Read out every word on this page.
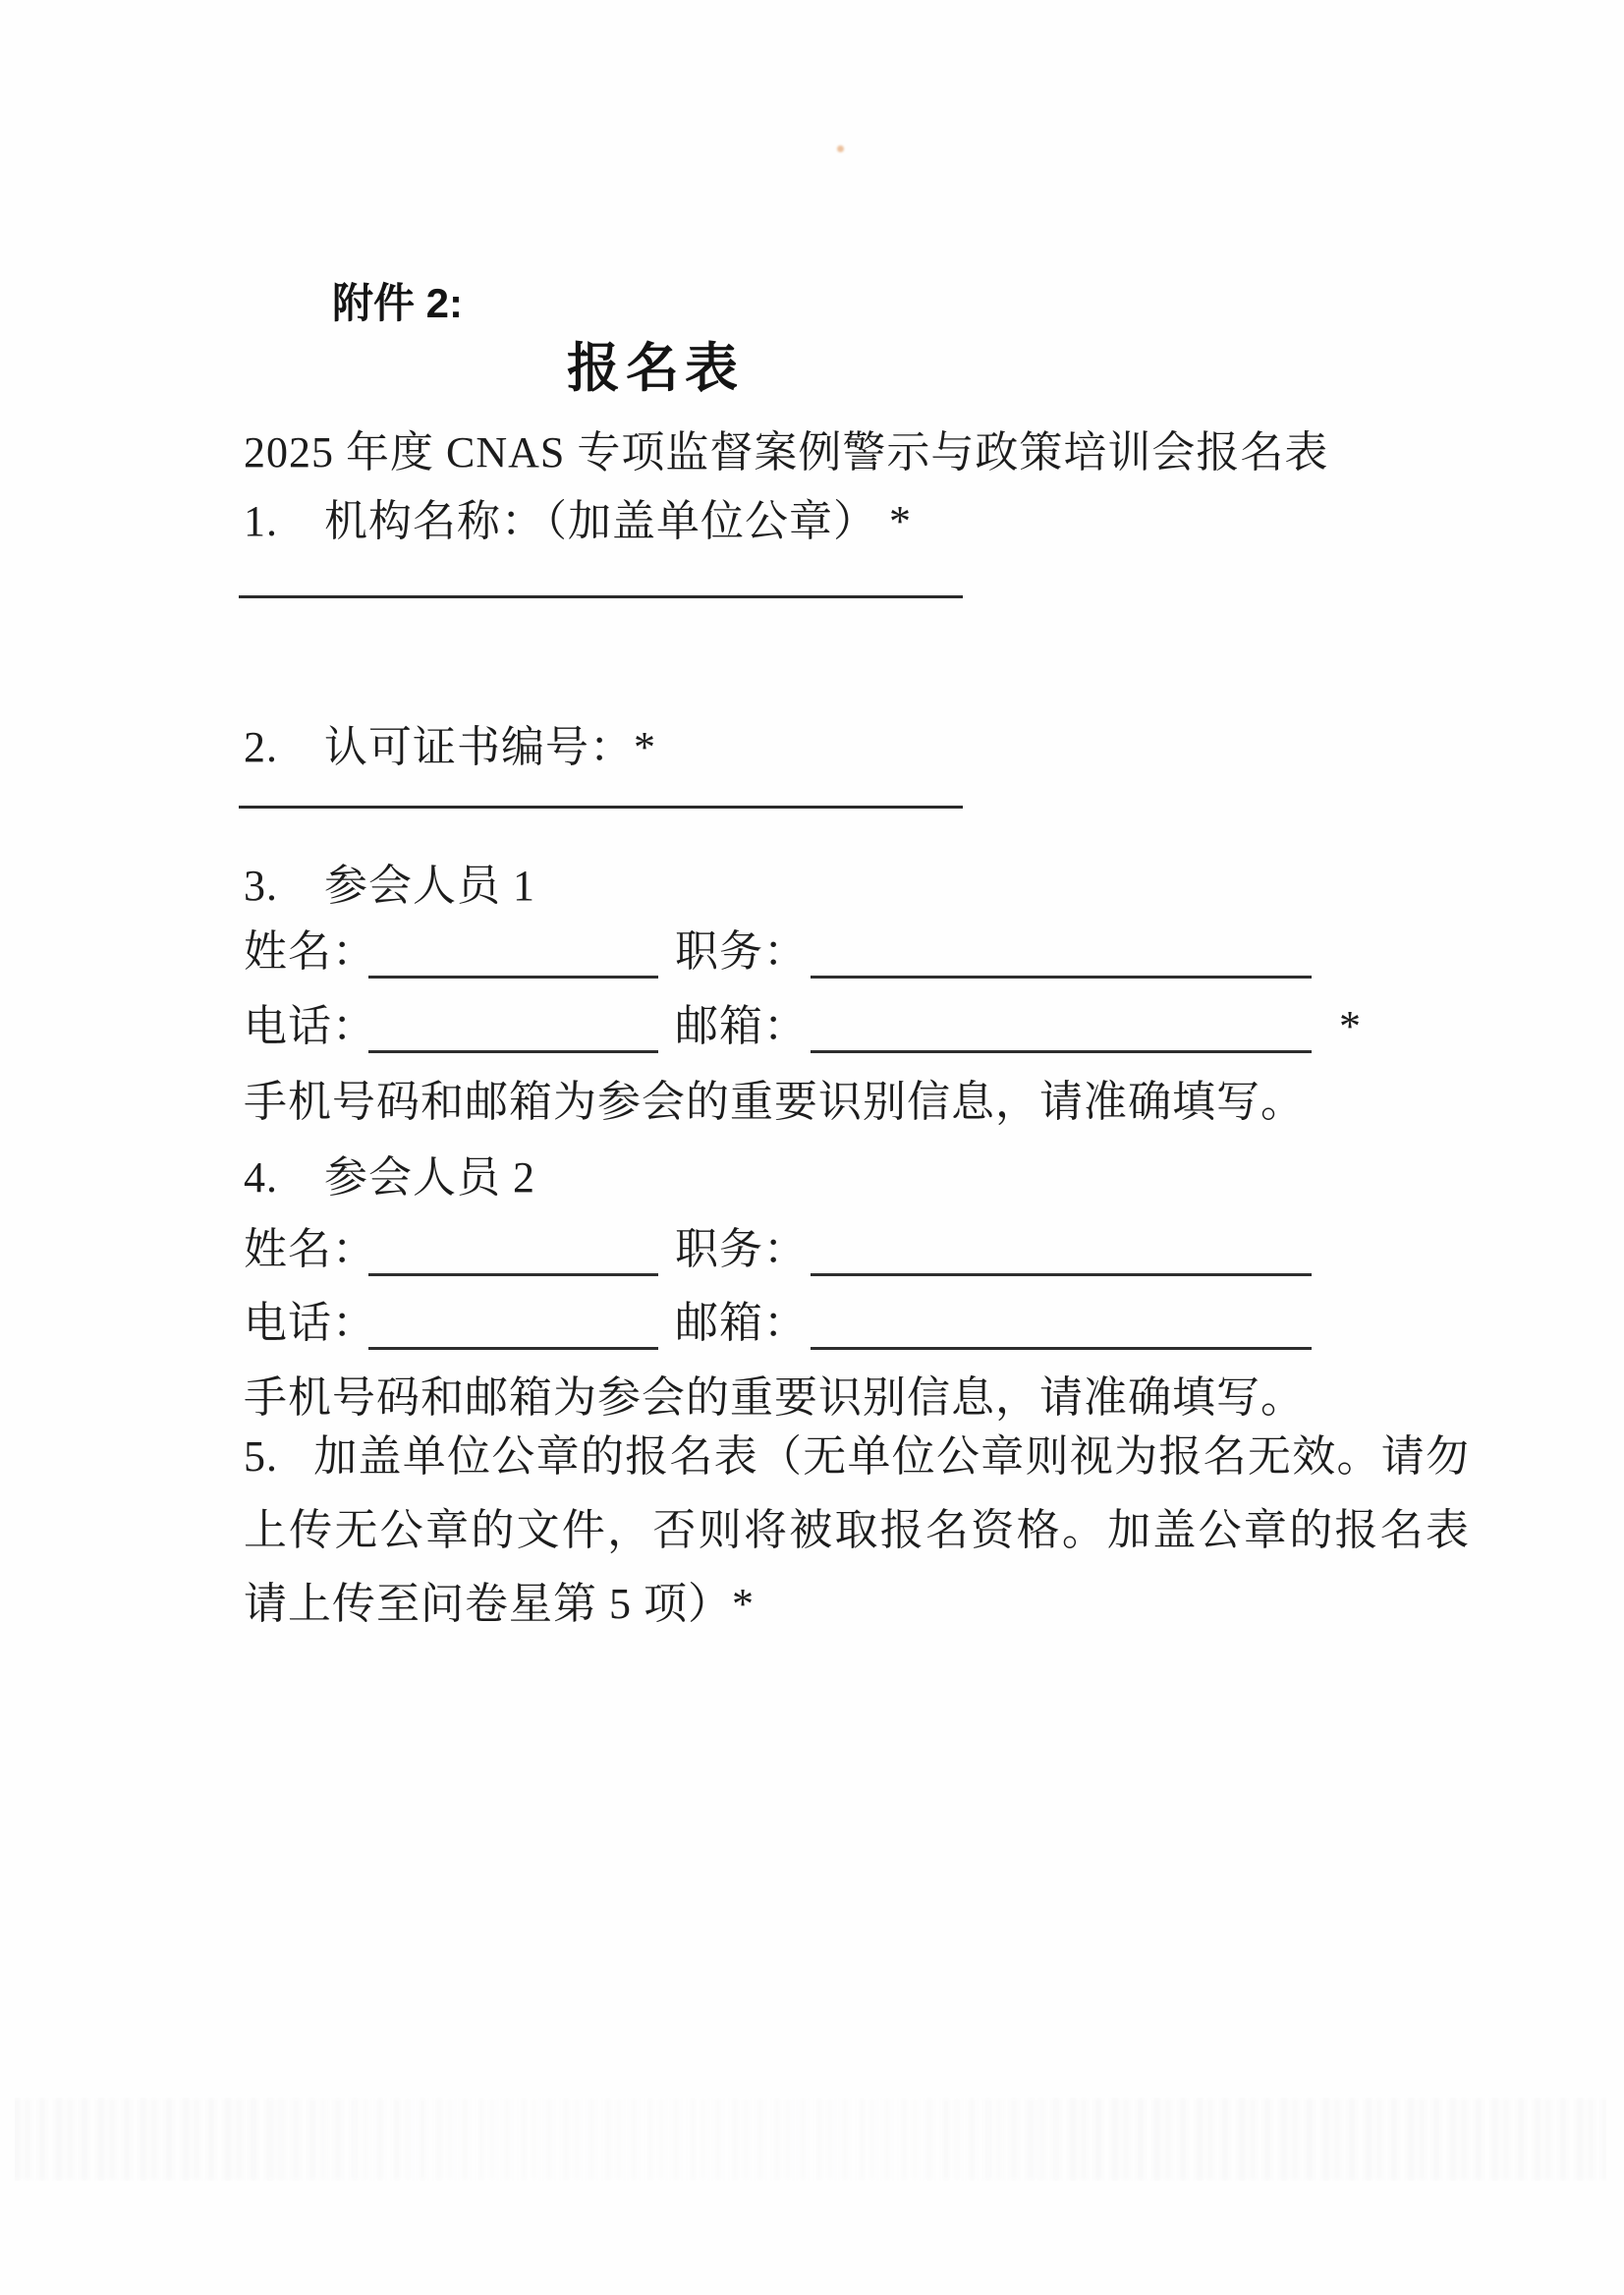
附件 2:
报名表
2025 年度 CNAS 专项监督案例警示与政策培训会报名表
1. 机构名称：（加盖单位公章） *
2. 认可证书编号：*
3. 参会人员 1
姓名：	职务：
电话：	邮箱：	*
手机号码和邮箱为参会的重要识别信息，请准确填写。
4. 参会人员 2
姓名：	职务：
电话：	邮箱：
手机号码和邮箱为参会的重要识别信息，请准确填写。

5. 加盖单位公章的报名表（无单位公章则视为报名无效。请勿上传无公章的文件，否则将被取报名资格。加盖公章的报名表请上传至问卷星第 5 项）*
